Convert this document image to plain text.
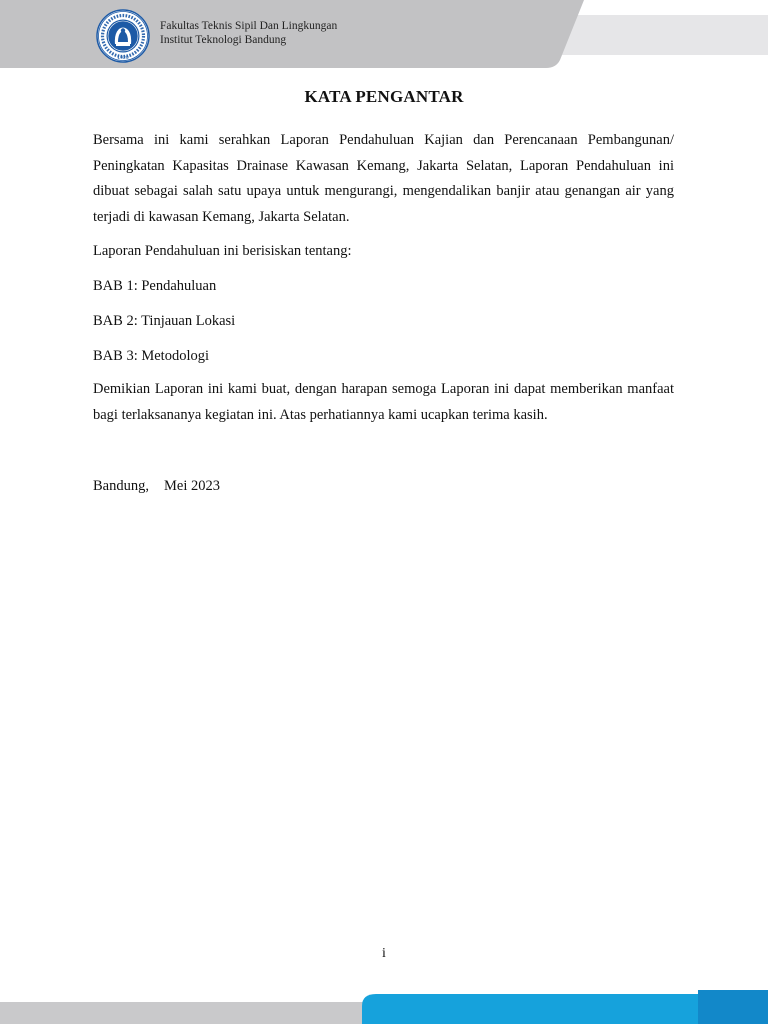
1920
Fakultas Teknis Sipil Dan Lingkungan
Institut Teknologi Bandung
KATA PENGANTAR

Bersama ini kami serahkan Laporan Pendahuluan Kajian dan Perencanaan Pembangunan/ Peningkatan Kapasitas Drainase Kawasan Kemang, Jakarta Selatan, Laporan Pendahuluan ini dibuat sebagai salah satu upaya untuk mengurangi, mengendalikan banjir atau genangan air yang terjadi di kawasan Kemang, Jakarta Selatan.

Laporan Pendahuluan ini berisiskan tentang:

BAB 1: Pendahuluan

BAB 2: Tinjauan Lokasi

BAB 3: Metodologi

Demikian Laporan ini kami buat, dengan harapan semoga Laporan ini dapat memberikan manfaat bagi terlaksananya kegiatan ini. Atas perhatiannya kami ucapkan terima kasih.

Bandung, Mei 2023
i
